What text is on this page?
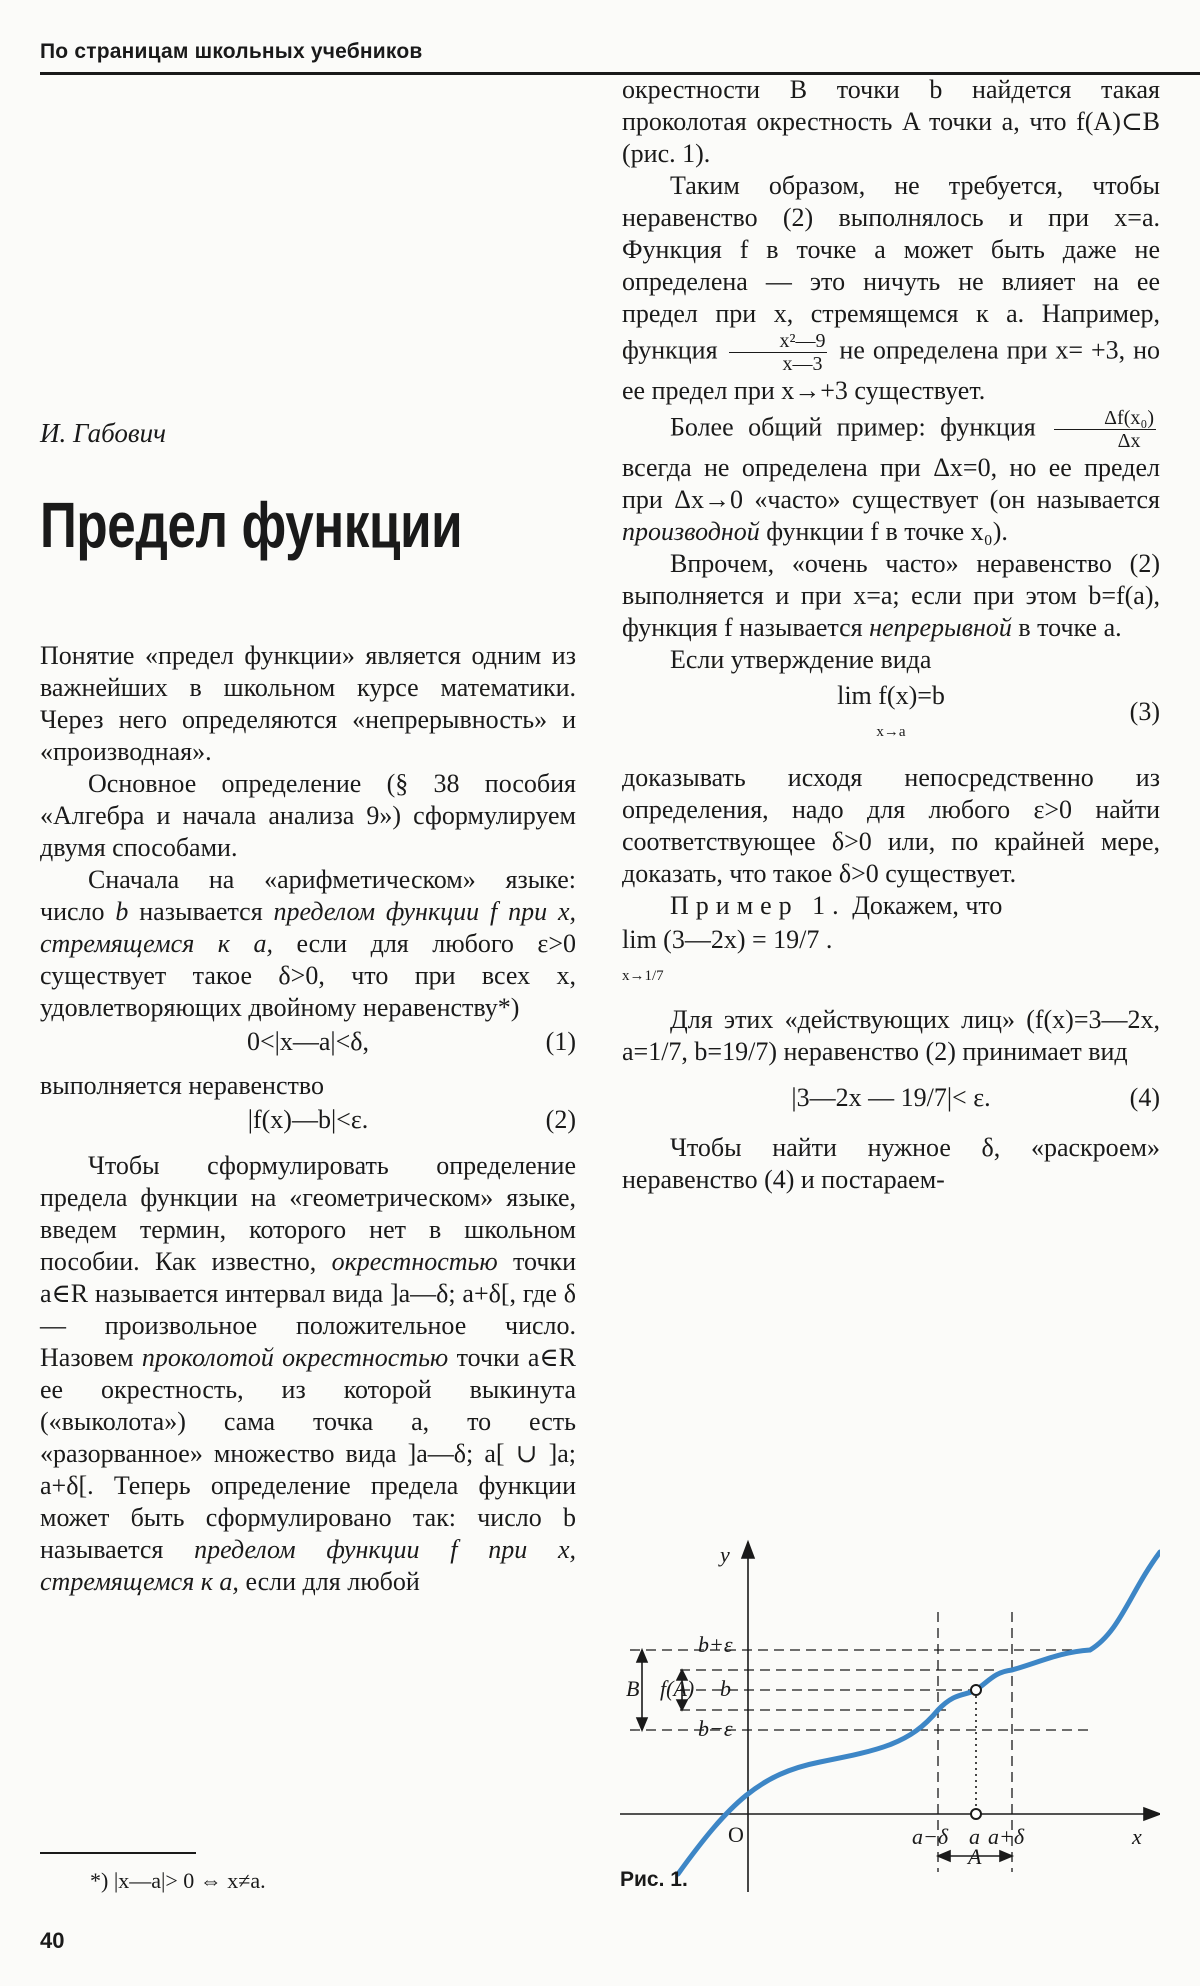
По страницам школьных учебников
И. Габович
Предел функции

Понятие «предел функции» является одним из важнейших в школьном курсе математики. Через него определяются «непрерывность» и «производная».

Основное определение (§ 38 пособия «Алгебра и начала анализа 9») сформулируем двумя способами.

Сначала на «арифметическом» языке: число b называется пределом функции f при x, стремящемся к a, если для любого ε>0 существует такое δ>0, что при всех x, удовлетворяющих двойному неравенству*)

0<|x—a|<δ,	(1)

выполняется неравенство

|f(x)—b|<ε.	(2)

Чтобы сформулировать определение предела функции на «геометрическом» языке, введем термин, которого нет в школьном пособии. Как известно, окрестностью точки a∈R называется интервал вида ]a—δ; a+δ[, где δ — произвольное положительное число. Назовем проколотой окрестностью точки a∈R ее окрестность, из которой выкинута («выколота») сама точка a, то есть «разорванное» множество вида ]a—δ; a[ ∪ ]a; a+δ[. Теперь определение предела функции может быть сформулировано так: число b называется пределом функции f при x, стремящемся к a, если для любой

окрестности B точки b найдется такая проколотая окрестность A точки a, что f(A)⊂B (рис. 1).

Таким образом, не требуется, чтобы неравенство (2) выполнялось и при x=a. Функция f в точке a может быть даже не определена — это ничуть не влияет на ее предел при x, стремящемся к a. Например, функция $\frac{\text{x²—9}}{x—3}$ не определена при x= +3, но ее предел при x→+3 существует.

Более общий пример: функция $\frac{\text{Δf(x₀)}}{\Delta x}$
всегда не определена при Δx=0, но ее предел при Δx→0 «часто» существует (он называется производной функции f в точке x₀).

Впрочем, «очень часто» неравенство (2) выполняется и при x=a; если при этом b=f(a), функция f называется непрерывной в точке a.

Если утверждение вида

lim f(x)=b
x→a
(3)

доказывать исходя непосредственно из определения, надо для любого ε>0 найти соответствующее δ>0 или, по крайней мере, доказать, что такое δ>0 существует.

Пример 1. Докажем, что

lim (3—2x) = 19/7 .
x→1/7

Для этих «действующих лиц» (f(x)=3—2x, a=1/7, b=19/7) неравенство (2) принимает вид

|3—2x — 19/7|< ε.	(4)

Чтобы найти нужное δ, «раскроем» неравенство (4) и постараем-

y
x
O
b+ε
f(A) b
b−ε
B
a−δ a a+δ
A
Рис. 1.
*) |x—a|> 0 ⇔ x≠a.
40
